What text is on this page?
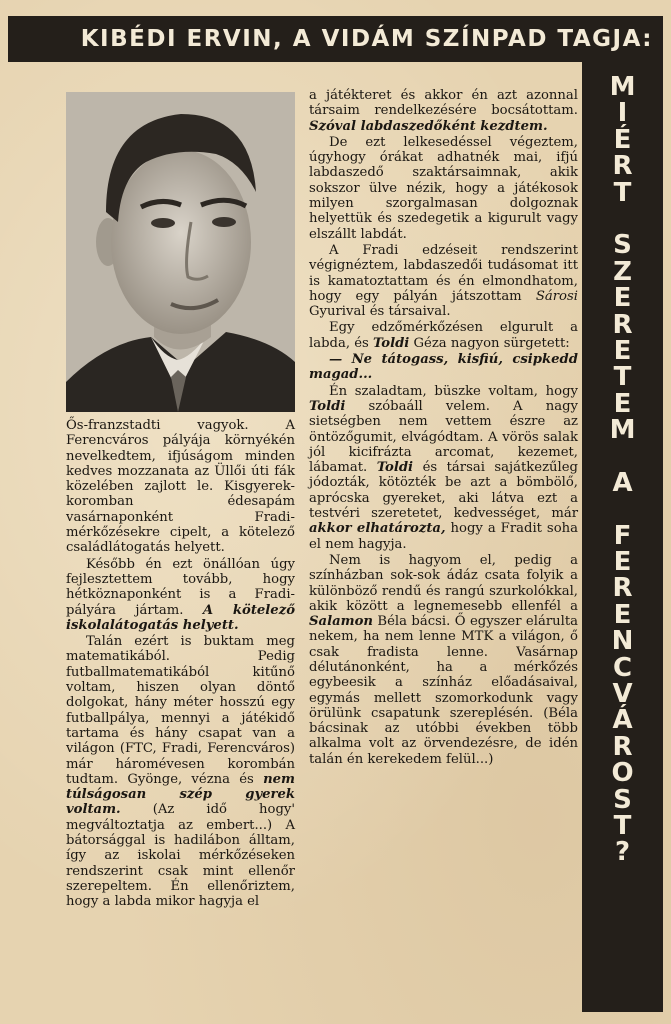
KIBÉDI ERVIN, A VIDÁM SZÍNPAD TAGJA:
M
I
É
R
T

S
Z
E
R
E
T
E
M

A

F
E
R
E
N
C
V
Á
R
O
S
T
?

Ős-franzstadti vagyok. A Ferencváros pályája környékén nevelkedtem, ifjúságom minden kedves mozzanata az Üllői úti fák közelében zajlott le. Kisgyerek-koromban édesapám vasárnaponként Fradi-mérkőzésekre cipelt, a kötelező családlátogatás helyett.

Később én ezt önállóan úgy fejlesztettem tovább, hogy hétköznaponként is a Fradi-pályára jártam. A kötelező iskolalátogatás helyett.

Talán ezért is buktam meg matematikából. Pedig futballmatematikából kitűnő voltam, hiszen olyan döntő dolgokat, hány méter hosszú egy futballpálya, mennyi a játékidő tartama és hány csapat van a világon (FTC, Fradi, Ferencváros) már háromévesen korombán tudtam. Gyönge, vézna és nem túlságosan szép gyerek voltam. (Az idő hogy' megváltoztatja az embert...) A bátorsággal is hadilábon álltam, így az iskolai mérkőzéseken rendszerint csak mint ellenőr szerepeltem. Én ellenőriztem, hogy a labda mikor hagyja el

a játékteret és akkor én azt azonnal társaim rendelkezésére bocsátottam. Szóval labdaszedőként kezdtem.

De ezt lelkesedéssel végeztem, úgyhogy órákat adhatnék mai, ifjú labdaszedő szaktársaimnak, akik sokszor ülve nézik, hogy a játékosok milyen szorgalmasan dolgoznak helyettük és szedegetik a kigurult vagy elszállt labdát.

A Fradi edzéseit rendszerint végignéztem, labdaszedői tudásomat itt is kamatoztattam és én elmondhatom, hogy egy pályán játszottam Sárosi Gyurival és társaival.

Egy edzőmérkőzésen elgurult a labda, és Toldi Géza nagyon sürgetett:

— Ne tátogass, kisfiú, csipkedd magad...

Én szaladtam, büszke voltam, hogy Toldi szóbaáll velem. A nagy sietségben nem vettem észre az öntözőgumit, elvágódtam. A vörös salak jól kicifrázta arcomat, kezemet, lábamat. Toldi és társai sajátkezűleg jódozták, kötözték be azt a bömbölő, aprócska gyereket, aki látva ezt a testvéri szeretetet, kedvességet, már akkor elhatározta, hogy a Fradit soha el nem hagyja.

Nem is hagyom el, pedig a színházban sok-sok ádáz csata folyik a különböző rendű és rangú szurkolókkal, akik között a legnemesebb ellenfél a Salamon Béla bácsi. Ő egyszer elárulta nekem, ha nem lenne MTK a világon, ő csak fradista lenne. Vasárnap délutánonként, ha a mérkőzés egybeesik a színház előadásaival, egymás mellett szomorkodunk vagy örülünk csapatunk szereplésén. (Béla bácsinak az utóbbi években több alkalma volt az örvendezésre, de idén talán én kerekedem felül...)
